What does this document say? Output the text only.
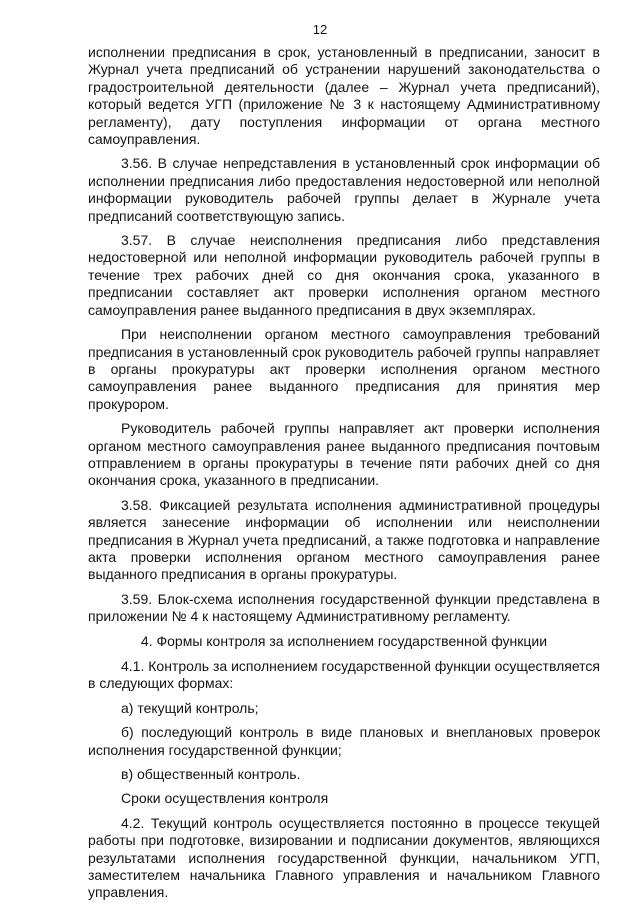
12

исполнении предписания в срок, установленный в предписании, заносит в Журнал учета предписаний об устранении нарушений законодательства о градостроительной деятельности (далее – Журнал учета предписаний), который ведется УГП (приложение № 3 к настоящему Административному регламенту), дату поступления информации от органа местного самоуправления.

3.56. В случае непредставления в установленный срок информации об исполнении предписания либо предоставления недостоверной или неполной информации руководитель рабочей группы делает в Журнале учета предписаний соответствующую запись.

3.57. В случае неисполнения предписания либо представления недостоверной или неполной информации руководитель рабочей группы в течение трех рабочих дней со дня окончания срока, указанного в предписании составляет акт проверки исполнения органом местного самоуправления ранее выданного предписания в двух экземплярах.

При неисполнении органом местного самоуправления требований предписания в установленный срок руководитель рабочей группы направляет в органы прокуратуры акт проверки исполнения органом местного самоуправления ранее выданного предписания для принятия мер прокурором.

Руководитель рабочей группы направляет акт проверки исполнения органом местного самоуправления ранее выданного предписания почтовым отправлением в органы прокуратуры в течение пяти рабочих дней со дня окончания срока, указанного в предписании.

3.58. Фиксацией результата исполнения административной процедуры является занесение информации об исполнении или неисполнении предписания в Журнал учета предписаний, а также подготовка и направление акта проверки исполнения органом местного самоуправления ранее выданного предписания в органы прокуратуры.

3.59. Блок-схема исполнения государственной функции представлена в приложении № 4 к настоящему Административному регламенту.

4. Формы контроля за исполнением государственной функции

4.1. Контроль за исполнением государственной функции осуществляется в следующих формах:

а) текущий контроль;

б) последующий контроль в виде плановых и внеплановых проверок исполнения государственной функции;

в) общественный контроль.

Сроки осуществления контроля

4.2. Текущий контроль осуществляется постоянно в процессе текущей работы при подготовке, визировании и подписании документов, являющихся результатами исполнения государственной функции, начальником УГП, заместителем начальника Главного управления и начальником Главного управления.
